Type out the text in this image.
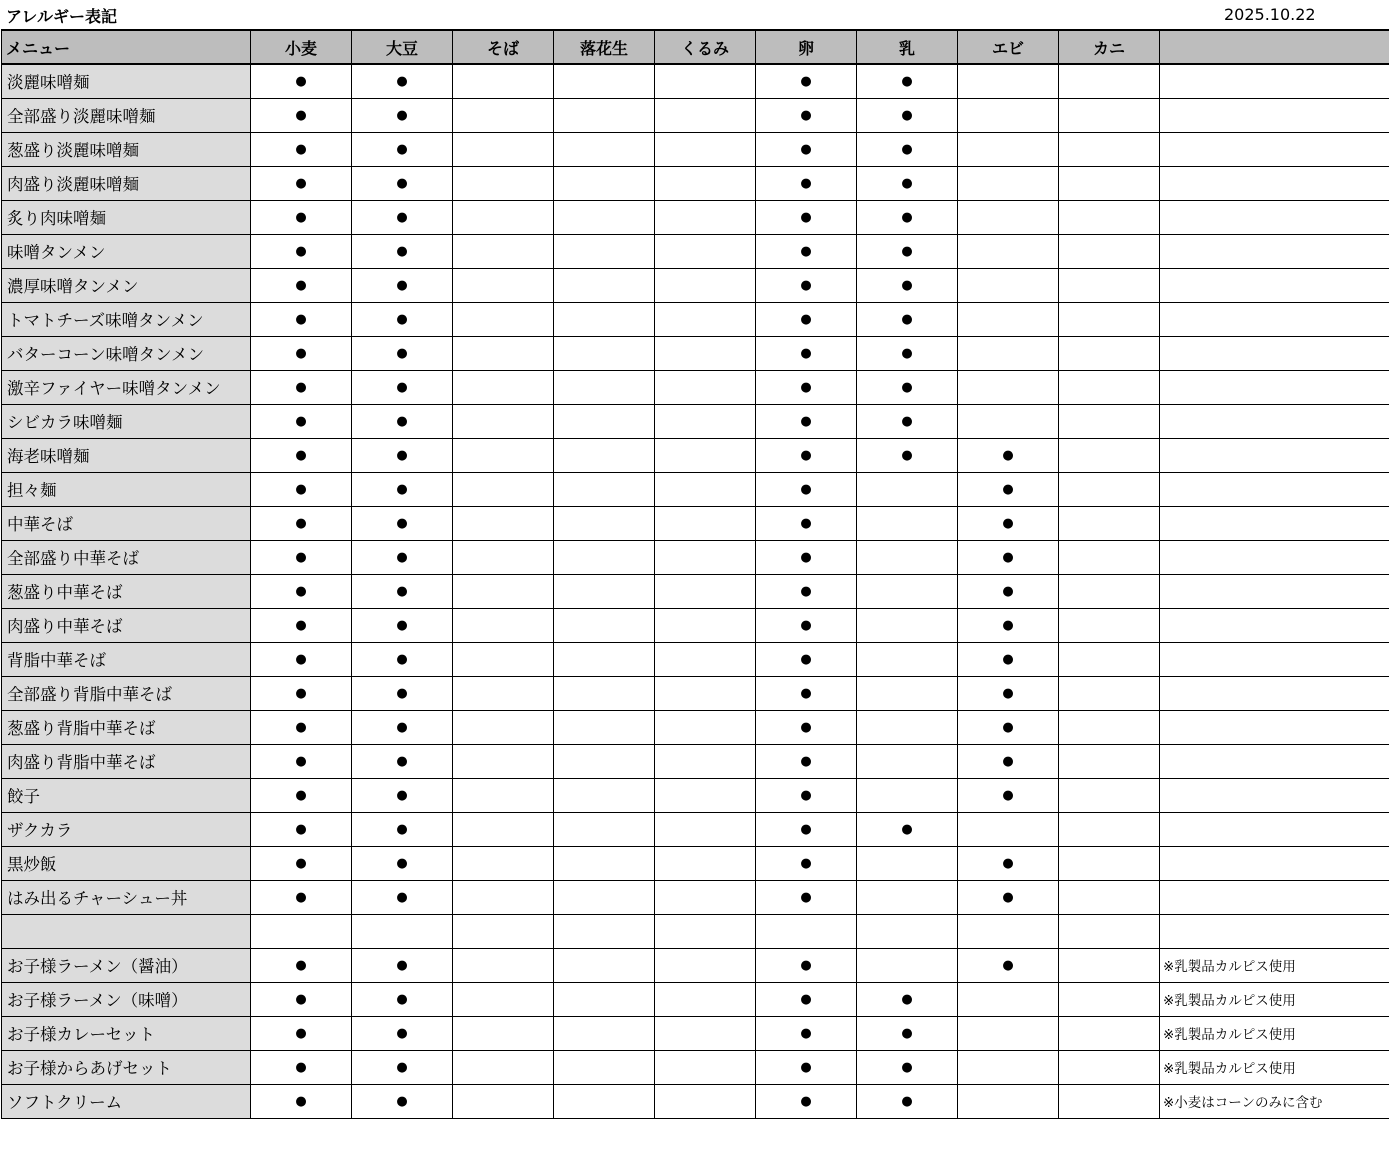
アレルギー表記	2025.10.22
メニュー	小麦	大豆	そば	落花生	くるみ	卵	乳	エビ	カニ	
淡麗味噌麺	●	●				●	●			
全部盛り淡麗味噌麺	●	●				●	●			
葱盛り淡麗味噌麺	●	●				●	●			
肉盛り淡麗味噌麺	●	●				●	●			
炙り肉味噌麺	●	●				●	●			
味噌タンメン	●	●				●	●			
濃厚味噌タンメン	●	●				●	●			
トマトチーズ味噌タンメン	●	●				●	●			
バターコーン味噌タンメン	●	●				●	●			
激辛ファイヤー味噌タンメン	●	●				●	●			
シビカラ味噌麺	●	●				●	●			
海老味噌麺	●	●				●	●	●		
担々麺	●	●				●		●		
中華そば	●	●				●		●		
全部盛り中華そば	●	●				●		●		
葱盛り中華そば	●	●				●		●		
肉盛り中華そば	●	●				●		●		
背脂中華そば	●	●				●		●		
全部盛り背脂中華そば	●	●				●		●		
葱盛り背脂中華そば	●	●				●		●		
肉盛り背脂中華そば	●	●				●		●		
餃子	●	●				●		●		
ザクカラ	●	●				●	●			
黒炒飯	●	●				●		●		
はみ出るチャーシュー丼	●	●				●		●		

お子様ラーメン（醤油）	●	●				●		●		※乳製品カルピス使用
お子様ラーメン（味噌）	●	●				●	●			※乳製品カルピス使用
お子様カレーセット	●	●				●	●			※乳製品カルピス使用
お子様からあげセット	●	●				●	●			※乳製品カルピス使用
ソフトクリーム	●	●				●	●			※小麦はコーンのみに含む
